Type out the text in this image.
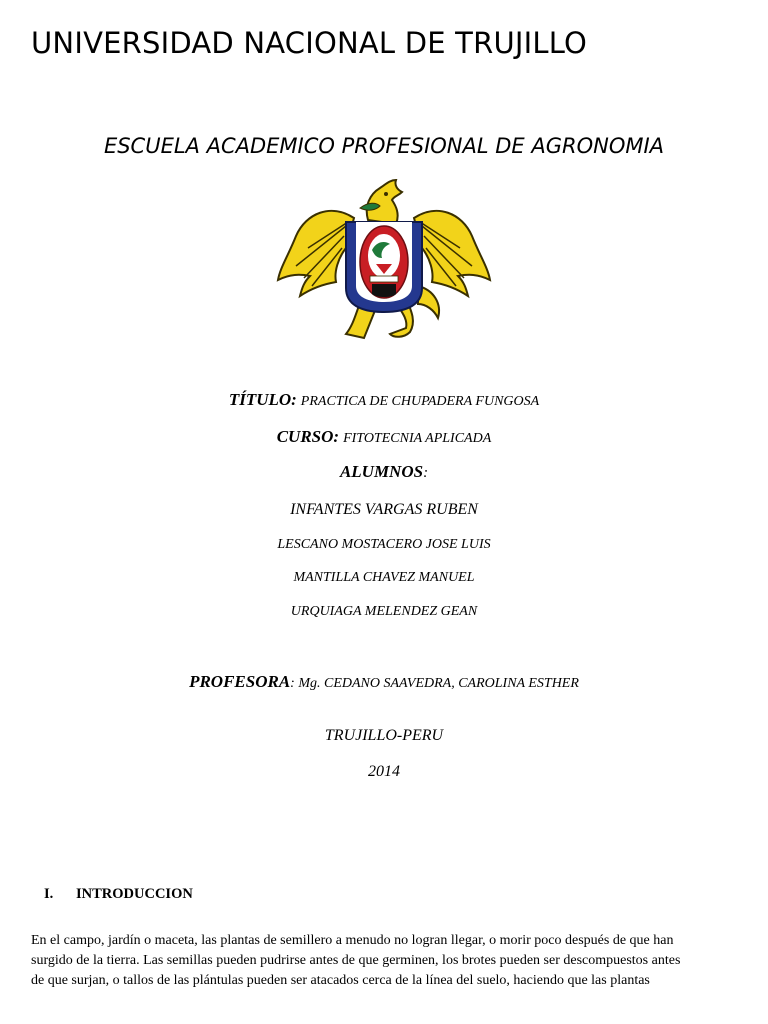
UNIVERSIDAD NACIONAL DE TRUJILLO
ESCUELA ACADEMICO PROFESIONAL DE AGRONOMIA
TÍTULO: PRACTICA DE CHUPADERA FUNGOSA
CURSO: FITOTECNIA APLICADA
ALUMNOS:
INFANTES VARGAS RUBEN
LESCANO MOSTACERO JOSE LUIS
MANTILLA CHAVEZ MANUEL
URQUIAGA MELENDEZ GEAN
PROFESORA: Mg. CEDANO SAAVEDRA, CAROLINA ESTHER
TRUJILLO-PERU
2014
I. INTRODUCCION
En el campo, jardín o maceta, las plantas de semillero a menudo no logran llegar, o morir poco después de que han
surgido de la tierra. Las semillas pueden pudrirse antes de que germinen, los brotes pueden ser descompuestos antes
de que surjan, o tallos de las plántulas pueden ser atacados cerca de la línea del suelo, haciendo que las plantas
